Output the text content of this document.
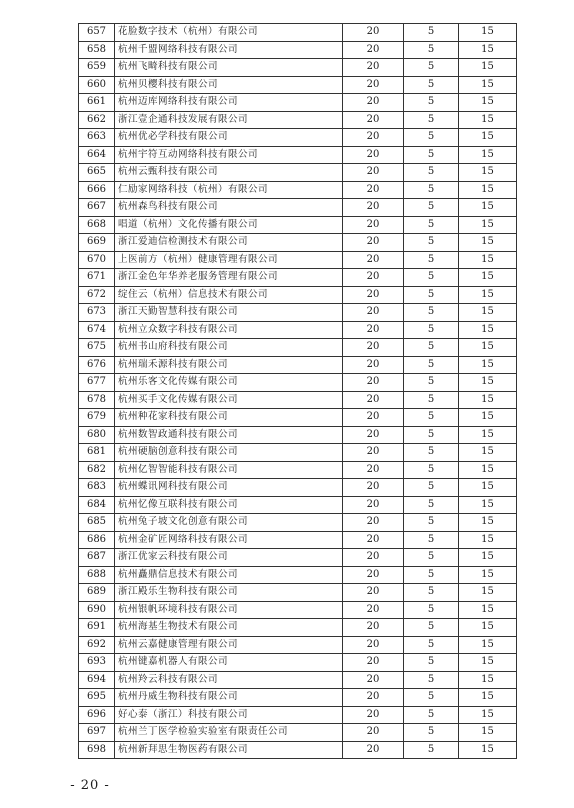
657	花脸数字技术（杭州）有限公司	20	5	15
658	杭州千盟网络科技有限公司	20	5	15
659	杭州飞畸科技有限公司	20	5	15
660	杭州贝樱科技有限公司	20	5	15
661	杭州迈库网络科技有限公司	20	5	15
662	浙江壹企通科技发展有限公司	20	5	15
663	杭州优必学科技有限公司	20	5	15
664	杭州宇符互动网络科技有限公司	20	5	15
665	杭州云甄科技有限公司	20	5	15
666	仁励家网络科技（杭州）有限公司	20	5	15
667	杭州森鸟科技有限公司	20	5	15
668	唱道（杭州）文化传播有限公司	20	5	15
669	浙江爱迪信检测技术有限公司	20	5	15
670	上医前方（杭州）健康管理有限公司	20	5	15
671	浙江金色年华养老服务管理有限公司	20	5	15
672	绽住云（杭州）信息技术有限公司	20	5	15
673	浙江天勤智慧科技有限公司	20	5	15
674	杭州立众数字科技有限公司	20	5	15
675	杭州书山府科技有限公司	20	5	15
676	杭州瑞禾源科技有限公司	20	5	15
677	杭州乐客文化传媒有限公司	20	5	15
678	杭州买手文化传媒有限公司	20	5	15
679	杭州种花家科技有限公司	20	5	15
680	杭州数智政通科技有限公司	20	5	15
681	杭州硬脑创意科技有限公司	20	5	15
682	杭州亿智智能科技有限公司	20	5	15
683	杭州蝶讯网科技有限公司	20	5	15
684	杭州忆像互联科技有限公司	20	5	15
685	杭州兔子坡文化创意有限公司	20	5	15
686	杭州金矿匠网络科技有限公司	20	5	15
687	浙江优家云科技有限公司	20	5	15
688	杭州矗鼎信息技术有限公司	20	5	15
689	浙江殿乐生物科技有限公司	20	5	15
690	杭州银帆环境科技有限公司	20	5	15
691	杭州海基生物技术有限公司	20	5	15
692	杭州云嘉健康管理有限公司	20	5	15
693	杭州键嘉机器人有限公司	20	5	15
694	杭州羚云科技有限公司	20	5	15
695	杭州丹威生物科技有限公司	20	5	15
696	好心泰（浙江）科技有限公司	20	5	15
697	杭州兰丁医学检验实验室有限责任公司	20	5	15
698	杭州新拜思生物医药有限公司	20	5	15
- 20 -
